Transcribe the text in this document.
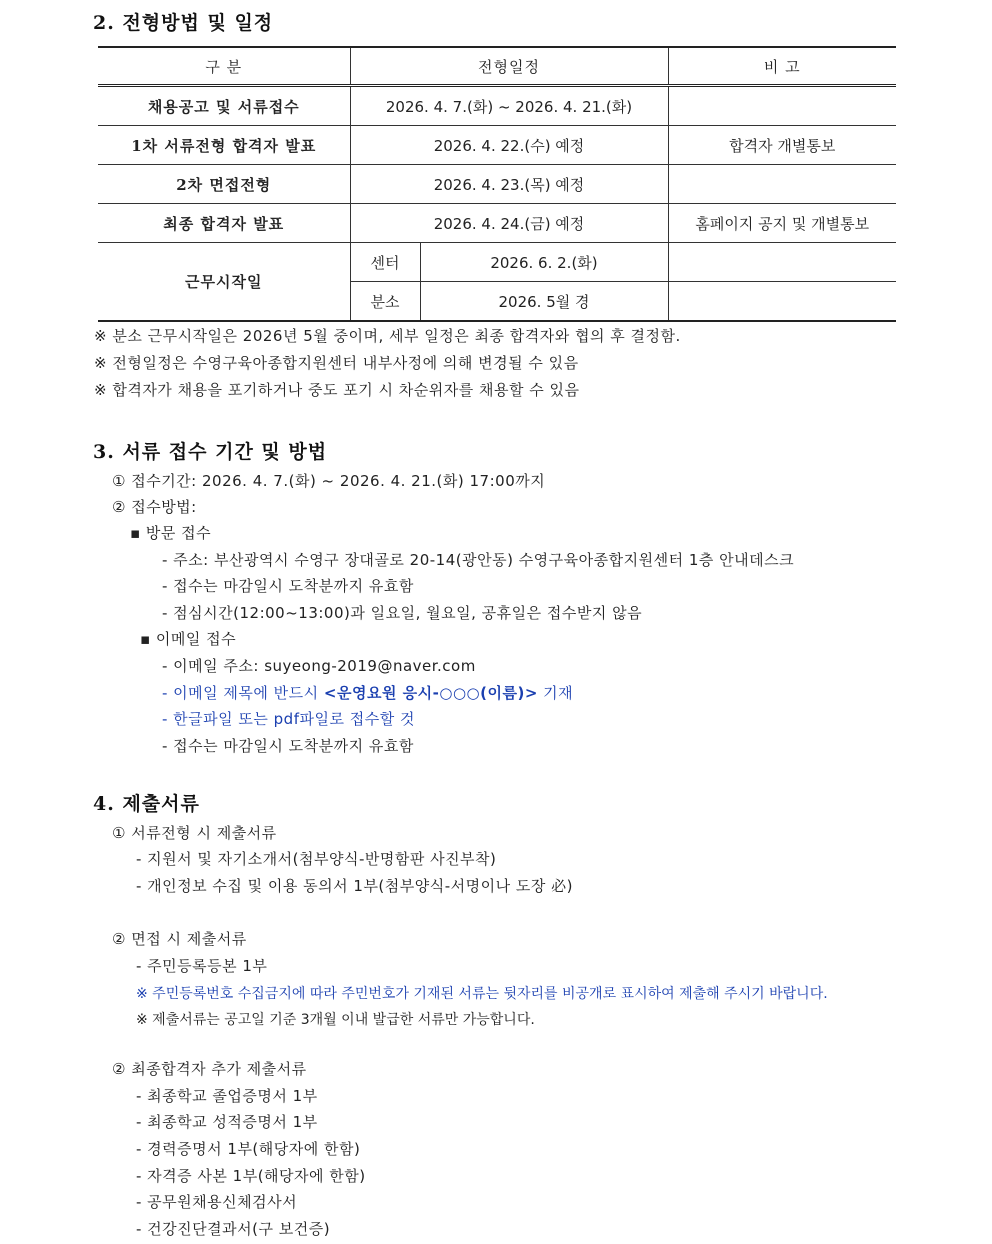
2. 전형방법 및 일정
구 분	전형일정		비 고
채용공고 및 서류접수	2026. 4. 7.(화) ~ 2026. 4. 21.(화)		
1차 서류전형 합격자 발표	2026. 4. 22.(수) 예정		합격자 개별통보
2차 면접전형	2026. 4. 23.(목) 예정		
최종 합격자 발표	2026. 4. 24.(금) 예정		홈페이지 공지 및 개별통보
근무시작일	센터	2026. 6. 2.(화)	
	분소	2026. 5월 경	
※ 분소 근무시작일은 2026년 5월 중이며, 세부 일정은 최종 합격자와 협의 후 결정함.
※ 전형일정은 수영구육아종합지원센터 내부사정에 의해 변경될 수 있음
※ 합격자가 채용을 포기하거나 중도 포기 시 차순위자를 채용할 수 있음
3. 서류 접수 기간 및 방법
① 접수기간: 2026. 4. 7.(화) ~ 2026. 4. 21.(화) 17:00까지
② 접수방법:
▪ 방문 접수
- 주소: 부산광역시 수영구 장대골로 20-14(광안동) 수영구육아종합지원센터 1층 안내데스크
- 접수는 마감일시 도착분까지 유효함
- 점심시간(12:00~13:00)과 일요일, 월요일, 공휴일은 접수받지 않음
▪ 이메일 접수
- 이메일 주소: suyeong-2019@naver.com
- 이메일 제목에 반드시 <운영요원 응시-○○○(이름)> 기재
- 한글파일 또는 pdf파일로 접수할 것
- 접수는 마감일시 도착분까지 유효함
4. 제출서류
① 서류전형 시 제출서류
- 지원서 및 자기소개서(첨부양식-반명함판 사진부착)
- 개인정보 수집 및 이용 동의서 1부(첨부양식-서명이나 도장 必)
② 면접 시 제출서류
- 주민등록등본 1부
※ 주민등록번호 수집금지에 따라 주민번호가 기재된 서류는 뒷자리를 비공개로 표시하여 제출해 주시기 바랍니다.
※ 제출서류는 공고일 기준 3개월 이내 발급한 서류만 가능합니다.
② 최종합격자 추가 제출서류
- 최종학교 졸업증명서 1부
- 최종학교 성적증명서 1부
- 경력증명서 1부(해당자에 한함)
- 자격증 사본 1부(해당자에 한함)
- 공무원채용신체검사서
- 건강진단결과서(구 보건증)
